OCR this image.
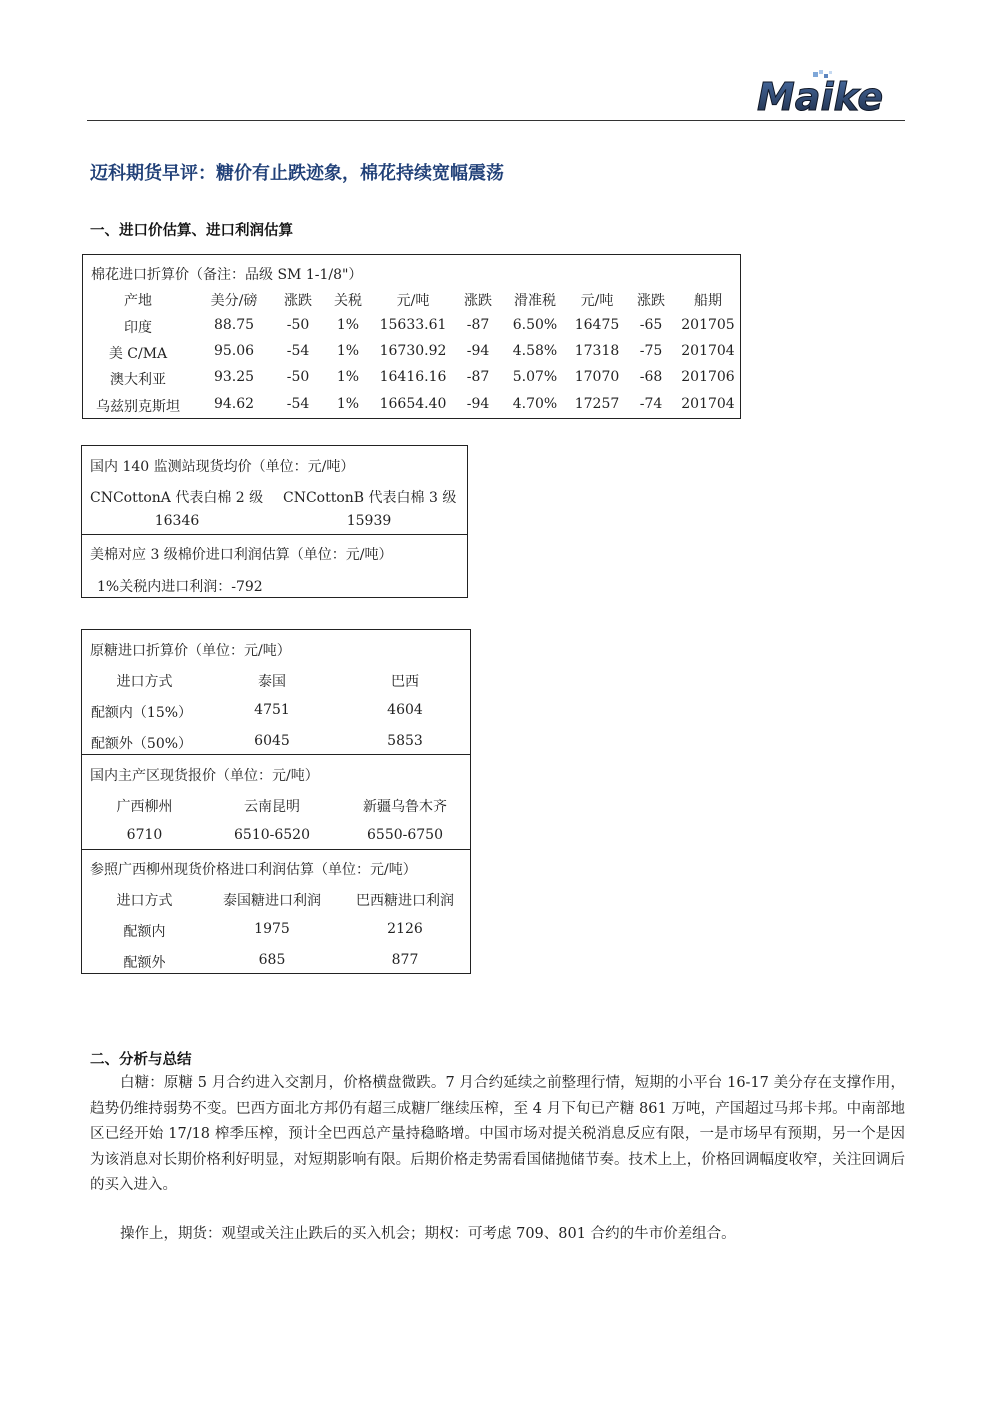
Maike
迈科期货早评：糖价有止跌迹象，棉花持续宽幅震荡
一、进口价估算、进口利润估算
棉花进口折算价（备注：品级 SM 1-1/8"）
产地	美分/磅	涨跌	关税	元/吨	涨跌	滑准税	元/吨	涨跌	船期
印度	88.75	-50	1%	15633.61	-87	6.50%	16475	-65	201705
美 C/MA	95.06	-54	1%	16730.92	-94	4.58%	17318	-75	201704
澳大利亚	93.25	-50	1%	16416.16	-87	5.07%	17070	-68	201706
乌兹别克斯坦	94.62	-54	1%	16654.40	-94	4.70%	17257	-74	201704
国内 140 监测站现货均价（单位：元/吨）
CNCottonA 代表白棉 2 级 CNCottonB 代表白棉 3 级
16346	15939
美棉对应 3 级棉价进口利润估算（单位：元/吨）
1%关税内进口利润：-792
原糖进口折算价（单位：元/吨）
进口方式	泰国	巴西
配额内（15%）	4751	4604
配额外（50%）	6045	5853
国内主产区现货报价（单位：元/吨）
广西柳州	云南昆明	新疆乌鲁木齐
6710	6510-6520	6550-6750
参照广西柳州现货价格进口利润估算（单位：元/吨）
进口方式	泰国糖进口利润	巴西糖进口利润
配额内	1975	2126
配额外	685	877
二、分析与总结

白糖：原糖 5 月合约进入交割月，价格横盘微跌。7 月合约延续之前整理行情，短期的小平台 16-17 美分存在支撑作用，趋势仍维持弱势不变。巴西方面北方邦仍有超三成糖厂继续压榨，至 4 月下旬已产糖 861 万吨，产国超过马邦卡邦。中南部地区已经开始 17/18 榨季压榨，预计全巴西总产量持稳略增。中国市场对提关税消息反应有限，一是市场早有预期，另一个是因为该消息对长期价格利好明显，对短期影响有限。后期价格走势需看国储抛储节奏。技术上上，价格回调幅度收窄，关注回调后的买入进入。

操作上，期货：观望或关注止跌后的买入机会；期权：可考虑 709、801 合约的牛市价差组合。
